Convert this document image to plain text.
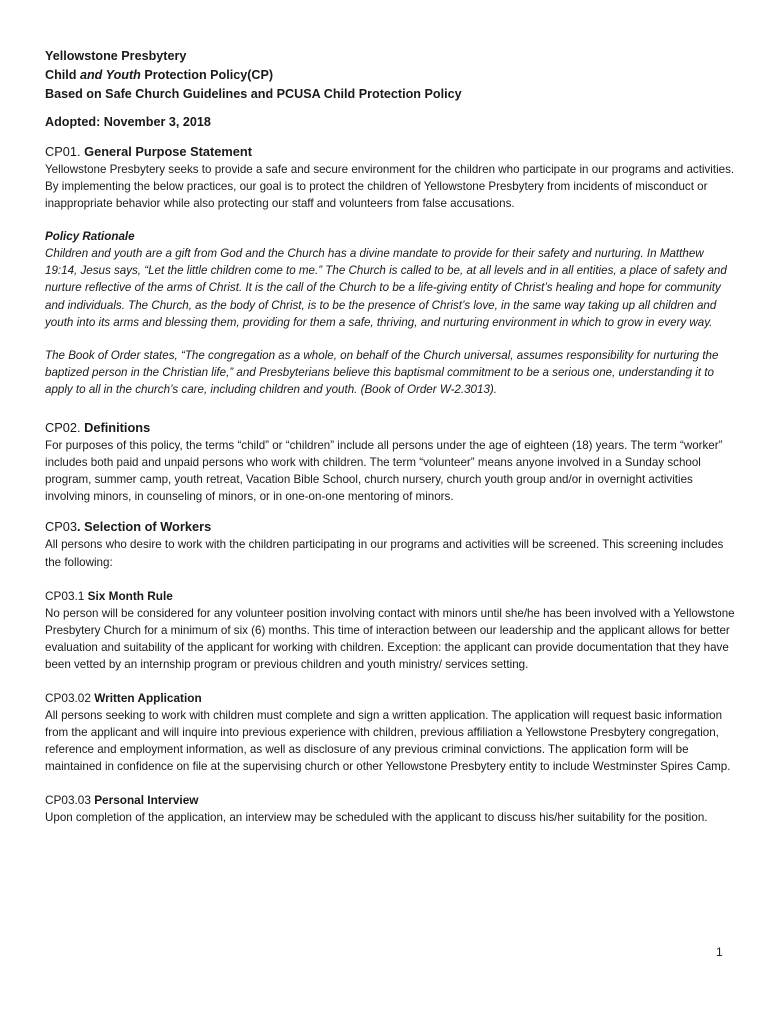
Yellowstone Presbytery
Child and Youth Protection Policy(CP)
Based on Safe Church Guidelines and PCUSA Child Protection Policy
Adopted: November 3, 2018
CP01. General Purpose Statement
Yellowstone Presbytery seeks to provide a safe and secure environment for the children who participate in our programs and activities. By implementing the below practices, our goal is to protect the children of Yellowstone Presbytery from incidents of misconduct or inappropriate behavior while also protecting our staff and volunteers from false accusations.
Policy Rationale
Children and youth are a gift from God and the Church has a divine mandate to provide for their safety and nurturing. In Matthew 19:14, Jesus says, “Let the little children come to me.” The Church is called to be, at all levels and in all entities, a place of safety and nurture reflective of the arms of Christ. It is the call of the Church to be a life-giving entity of Christ’s healing and hope for community and individuals. The Church, as the body of Christ, is to be the presence of Christ’s love, in the same way taking up all children and youth into its arms and blessing them, providing for them a safe, thriving, and nurturing environment in which to grow in every way.
The Book of Order states, “The congregation as a whole, on behalf of the Church universal, assumes responsibility for nurturing the baptized person in the Christian life,” and Presbyterians believe this baptismal commitment to be a serious one, understanding it to apply to all in the church’s care, including children and youth. (Book of Order W-2.3013).
CP02. Definitions
For purposes of this policy, the terms “child” or “children” include all persons under the age of eighteen (18) years. The term “worker” includes both paid and unpaid persons who work with children. The term “volunteer” means anyone involved in a Sunday school program, summer camp, youth retreat, Vacation Bible School, church nursery, church youth group and/or in overnight activities involving minors, in counseling of minors, or in one-on-one mentoring of minors.
CP03. Selection of Workers
All persons who desire to work with the children participating in our programs and activities will be screened. This screening includes the following:
CP03.1 Six Month Rule
No person will be considered for any volunteer position involving contact with minors until she/he has been involved with a Yellowstone Presbytery Church for a minimum of six (6) months. This time of interaction between our leadership and the applicant allows for better evaluation and suitability of the applicant for working with children. Exception: the applicant can provide documentation that they have been vetted by an internship program or previous children and youth ministry/ services setting.
CP03.02 Written Application
All persons seeking to work with children must complete and sign a written application. The application will request basic information from the applicant and will inquire into previous experience with children, previous affiliation a Yellowstone Presbytery congregation, reference and employment information, as well as disclosure of any previous criminal convictions. The application form will be maintained in confidence on file at the supervising church or other Yellowstone Presbytery entity to include Westminster Spires Camp.
CP03.03 Personal Interview
Upon completion of the application, an interview may be scheduled with the applicant to discuss his/her suitability for the position.
1
